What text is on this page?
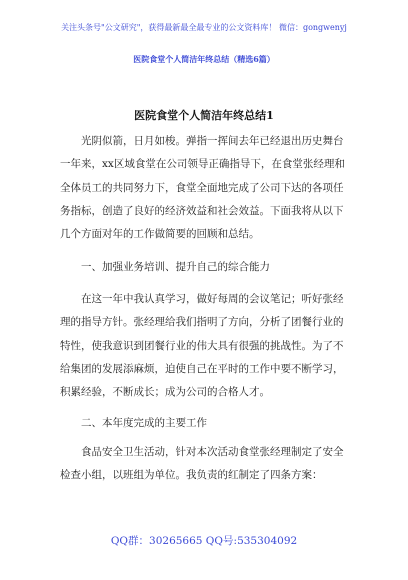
关注头条号"公文研究"，获得最新最全最专业的公文资料库！ 微信：gongwenyj
医院食堂个人简洁年终总结（精选6篇）
医院食堂个人简洁年终总结1
光阴似箭，日月如梭。弹指一挥间去年已经退出历史舞台
一年来，xx区域食堂在公司领导正确指导下，在食堂张经理和
全体员工的共同努力下，食堂全面地完成了公司下达的各项任
务指标，创造了良好的经济效益和社会效益。下面我将从以下
几个方面对年的工作做简要的回顾和总结。
一、加强业务培训、提升自己的综合能力
在这一年中我认真学习，做好每周的会议笔记；听好张经
理的指导方针。张经理给我们指明了方向，分析了团餐行业的
特性，使我意识到团餐行业的伟大具有很强的挑战性。为了不
给集团的发展添麻烦，迫使自己在平时的工作中要不断学习，
积累经验，不断成长；成为公司的合格人才。
二、本年度完成的主要工作
食品安全卫生活动，针对本次活动食堂张经理制定了安全
检查小组，以班组为单位。我负责的红制定了四条方案：
QQ群：30265665 QQ号:535304092
